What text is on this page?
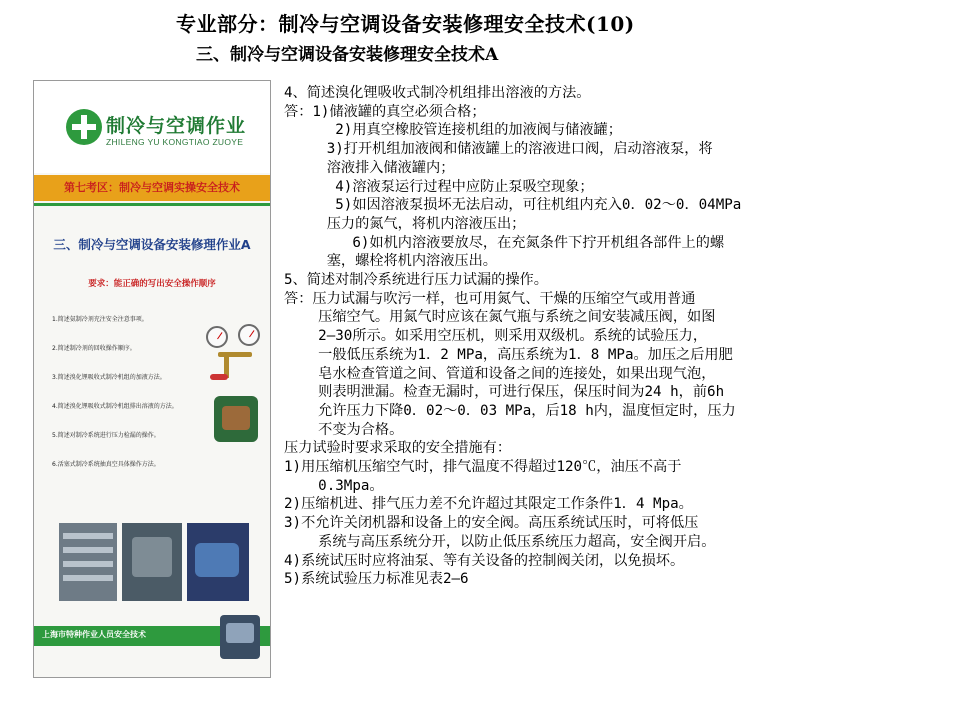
专业部分：制冷与空调设备安装修理安全技术(10)
三、制冷与空调设备安装修理安全技术A
制冷与空调作业
ZHILENG YU KONGTIAO ZUOYE
第七考区：制冷与空调实操安全技术
三、制冷与空调设备安装修理作业A
要求：能正确的写出安全操作顺序
1.简述氨制冷剂充注安全注意事项。
2.简述制冷剂的回收操作顺序。
3.简述溴化锂吸收式制冷机组的加液方法。
4.简述溴化锂吸收式制冷机组排出溶液的方法。
5.简述对制冷系统进行压力检漏的操作。
6.活塞式制冷系统抽真空具体操作方法。
上海市特种作业人员安全技术
4、简述溴化锂吸收式制冷机组排出溶液的方法。
答：1)储液罐的真空必须合格；
2)用真空橡胶管连接机组的加液阀与储液罐；
3)打开机组加液阀和储液罐上的溶液进口阀，启动溶液泵，将
溶液排入储液罐内；
4)溶液泵运行过程中应防止泵吸空现象；
5)如因溶液泵损坏无法启动，可往机组内充入0．02～0．04MPa
压力的氮气，将机内溶液压出；
6)如机内溶液要放尽，在充氮条件下拧开机组各部件上的螺
塞，螺栓将机内溶液压出。
5、简述对制冷系统进行压力试漏的操作。
答：压力试漏与吹污一样，也可用氮气、干燥的压缩空气或用普通
压缩空气。用氮气时应该在氮气瓶与系统之间安装减压阀，如图
2—30所示。如采用空压机，则采用双级机。系统的试验压力，
一般低压系统为1．2 MPa，高压系统为1．8 MPa。加压之后用肥
皂水检查管道之间、管道和设备之间的连接处，如果出现气泡，
则表明泄漏。检查无漏时，可进行保压，保压时间为24 h，前6h
允许压力下降0．02～0．03 MPa，后18 h内，温度恒定时，压力
不变为合格。
压力试验时要求采取的安全措施有：
1)用压缩机压缩空气时，排气温度不得超过120℃，油压不高于
0.3Mpa。
2)压缩机进、排气压力差不允许超过其限定工作条件1．4 Mpa。
3)不允许关闭机器和设备上的安全阀。高压系统试压时，可将低压
系统与高压系统分开，以防止低压系统压力超高，安全阀开启。
4)系统试压时应将油泵、等有关设备的控制阀关闭，以免损坏。
5)系统试验压力标准见表2—6
